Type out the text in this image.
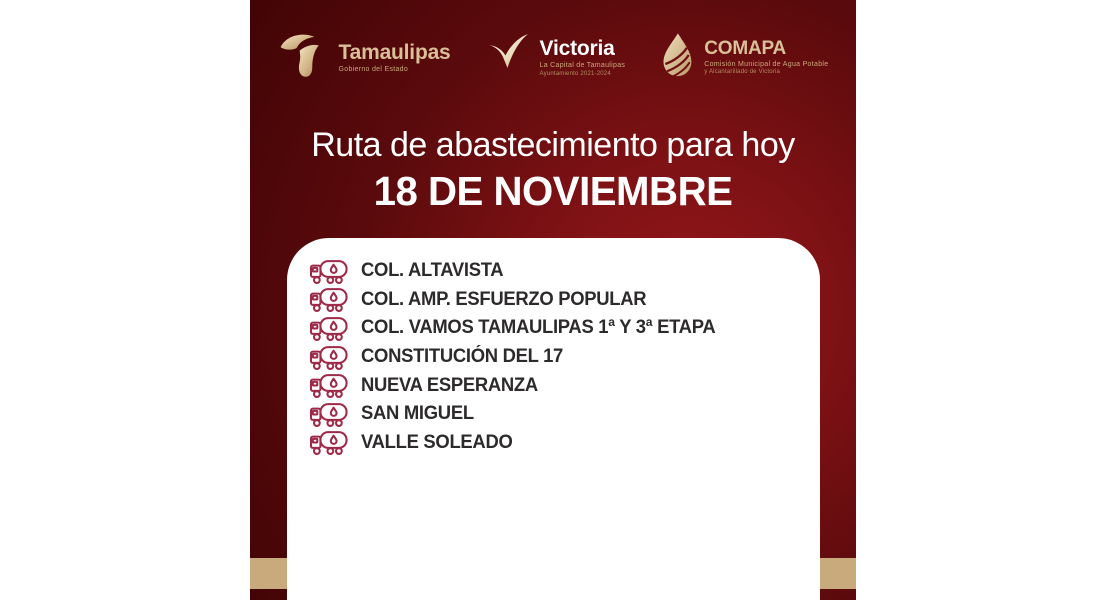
Tamaulipas
Gobierno del Estado
Victoria
La Capital de Tamaulipas
Ayuntamiento 2021-2024
COMAPA
Comisión Municipal de Agua Potable
y Alcantarillado de Victoria
Ruta de abastecimiento para hoy
18 DE NOVIEMBRE
COL. ALTAVISTA
COL. AMP. ESFUERZO POPULAR
COL. VAMOS TAMAULIPAS 1ª Y 3ª ETAPA
CONSTITUCIÓN DEL 17
NUEVA ESPERANZA
SAN MIGUEL
VALLE SOLEADO
